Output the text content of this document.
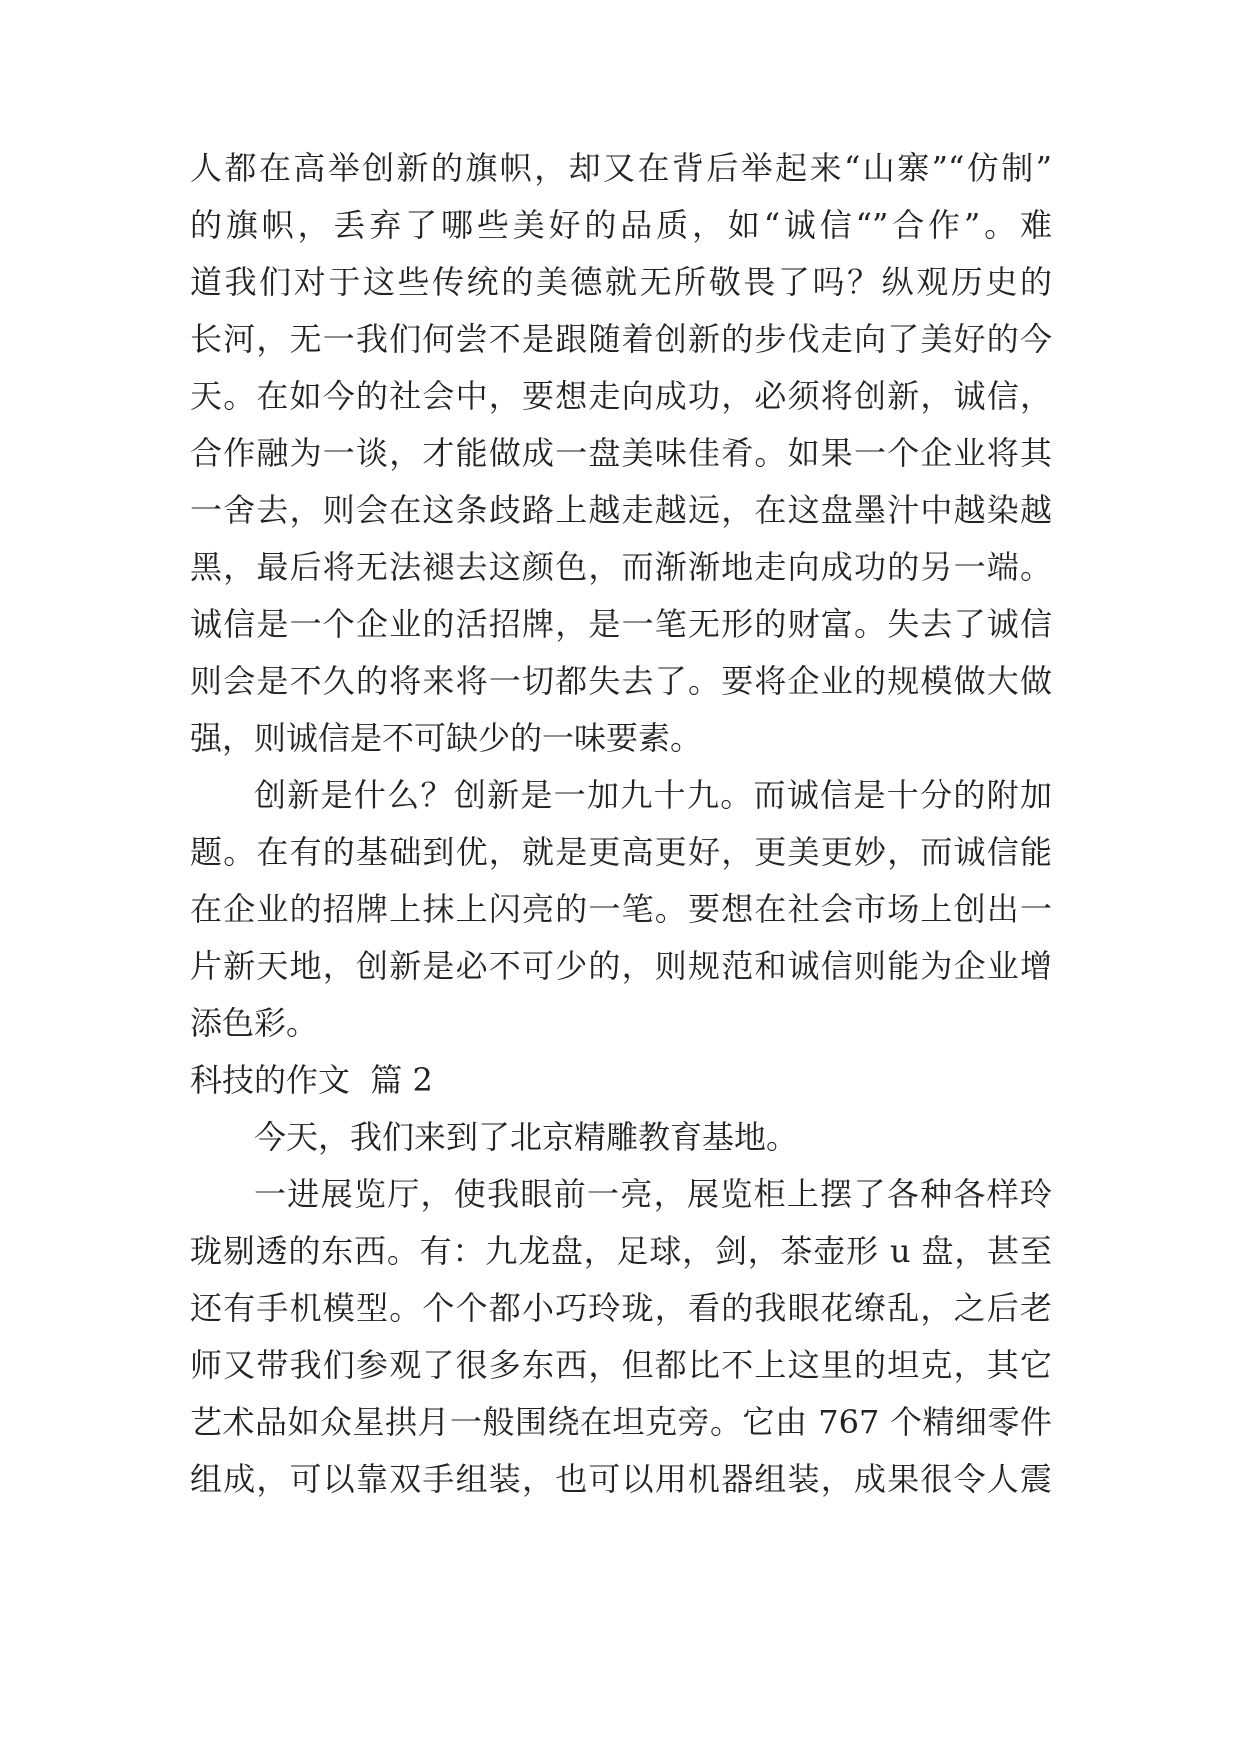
人都在高举创新的旗帜，却又在背后举起来“山寨”“仿制”
的旗帜，丢弃了哪些美好的品质，如“诚信“”合作”。难
道我们对于这些传统的美德就无所敬畏了吗？纵观历史的
长河，无一我们何尝不是跟随着创新的步伐走向了美好的今
天。在如今的社会中，要想走向成功，必须将创新，诚信，
合作融为一谈，才能做成一盘美味佳肴。如果一个企业将其
一舍去，则会在这条歧路上越走越远，在这盘墨汁中越染越
黑，最后将无法褪去这颜色，而渐渐地走向成功的另一端。
诚信是一个企业的活招牌，是一笔无形的财富。失去了诚信
则会是不久的将来将一切都失去了。要将企业的规模做大做
强，则诚信是不可缺少的一味要素。
创新是什么？创新是一加九十九。而诚信是十分的附加
题。在有的基础到优，就是更高更好，更美更妙，而诚信能
在企业的招牌上抹上闪亮的一笔。要想在社会市场上创出一
片新天地，创新是必不可少的，则规范和诚信则能为企业增
添色彩。
科技的作文  篇 2
今天，我们来到了北京精雕教育基地。
一进展览厅，使我眼前一亮，展览柜上摆了各种各样玲
珑剔透的东西。有：九龙盘，足球，剑，茶壶形 u 盘，甚至
还有手机模型。个个都小巧玲珑，看的我眼花缭乱，之后老
师又带我们参观了很多东西，但都比不上这里的坦克，其它
艺术品如众星拱月一般围绕在坦克旁。它由 767 个精细零件
组成，可以靠双手组装，也可以用机器组装，成果很令人震
